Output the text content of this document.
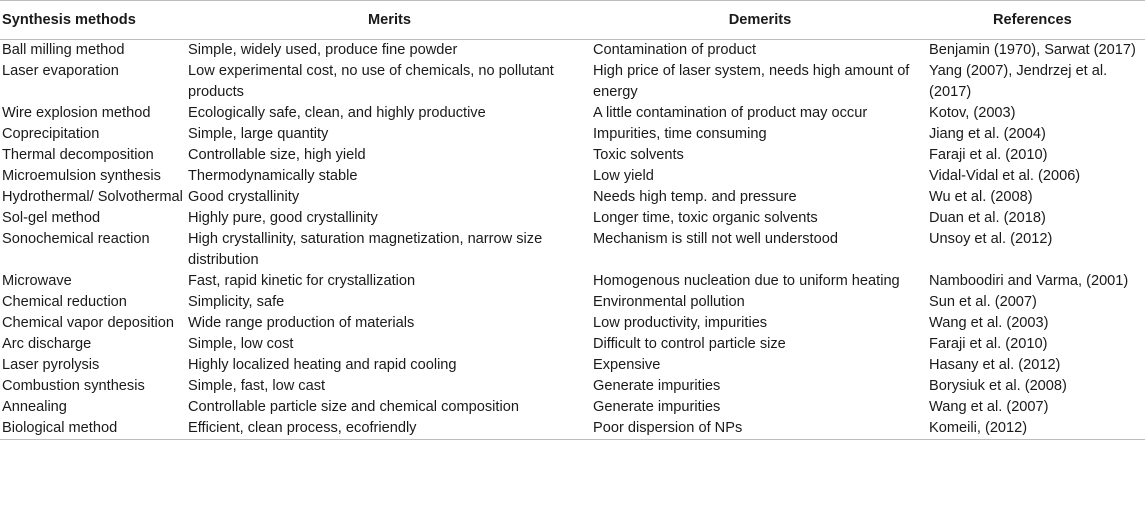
Synthesis methods	Merits	Demerits	References
Ball milling method	Simple, widely used, produce fine powder	Contamination of product	Benjamin (1970), Sarwat (2017)
Laser evaporation	Low experimental cost, no use of chemicals, no pollutant products	High price of laser system, needs high amount of energy	Yang (2007), Jendrzej et al. (2017)
Wire explosion method	Ecologically safe, clean, and highly productive	A little contamination of product may occur	Kotov, (2003)
Coprecipitation	Simple, large quantity	Impurities, time consuming	Jiang et al. (2004)
Thermal decomposition	Controllable size, high yield	Toxic solvents	Faraji et al. (2010)
Microemulsion synthesis	Thermodynamically stable	Low yield	Vidal-Vidal et al. (2006)
Hydrothermal/ Solvothermal	Good crystallinity	Needs high temp. and pressure	Wu et al. (2008)
Sol-gel method	Highly pure, good crystallinity	Longer time, toxic organic solvents	Duan et al. (2018)
Sonochemical reaction	High crystallinity, saturation magnetization, narrow size distribution	Mechanism is still not well understood	Unsoy et al. (2012)
Microwave	Fast, rapid kinetic for crystallization	Homogenous nucleation due to uniform heating	Namboodiri and Varma, (2001)
Chemical reduction	Simplicity, safe	Environmental pollution	Sun et al. (2007)
Chemical vapor deposition	Wide range production of materials	Low productivity, impurities	Wang et al. (2003)
Arc discharge	Simple, low cost	Difficult to control particle size	Faraji et al. (2010)
Laser pyrolysis	Highly localized heating and rapid cooling	Expensive	Hasany et al. (2012)
Combustion synthesis	Simple, fast, low cast	Generate impurities	Borysiuk et al. (2008)
Annealing	Controllable particle size and chemical composition	Generate impurities	Wang et al. (2007)
Biological method	Efficient, clean process, ecofriendly	Poor dispersion of NPs	Komeili, (2012)
